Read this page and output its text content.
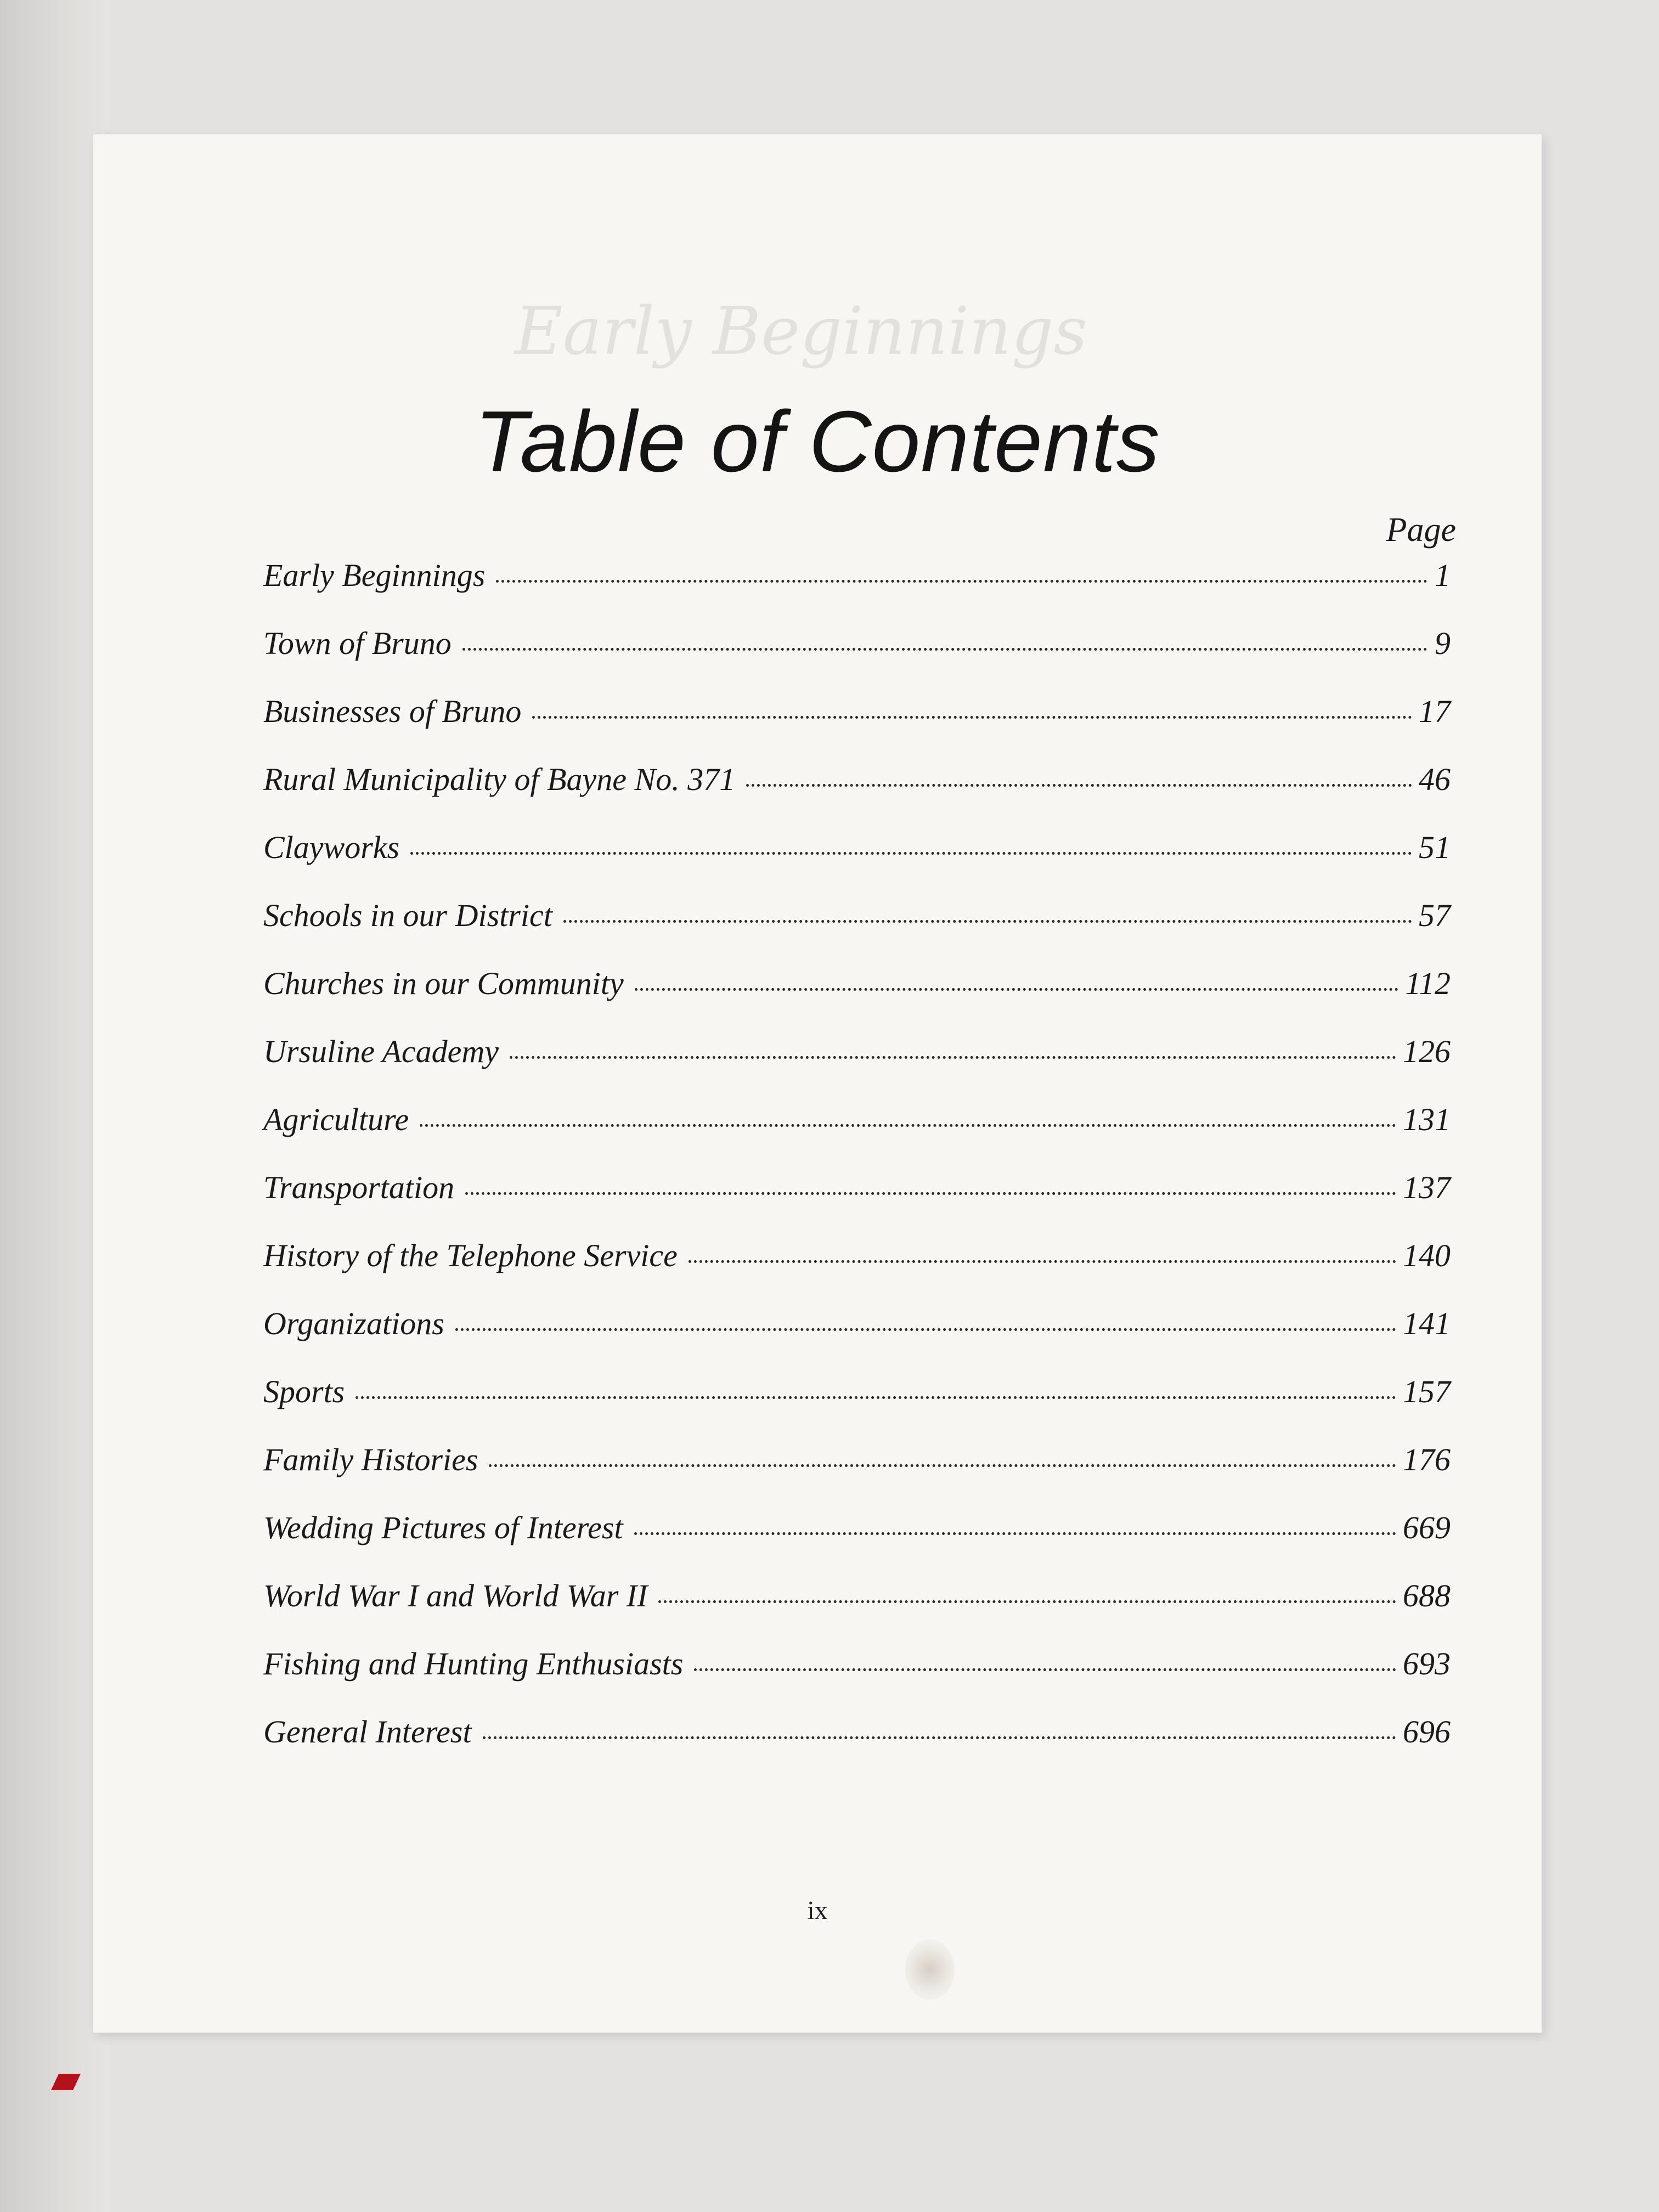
Early Beginnings
Table of Contents
Page
Early Beginnings	1
Town of Bruno	9
Businesses of Bruno	17
Rural Municipality of Bayne No. 371	46
Clayworks	51
Schools in our District	57
Churches in our Community	112
Ursuline Academy	126
Agriculture	131
Transportation	137
History of the Telephone Service	140
Organizations	141
Sports	157
Family Histories	176
Wedding Pictures of Interest	669
World War I and World War II	688
Fishing and Hunting Enthusiasts	693
General Interest	696
ix
